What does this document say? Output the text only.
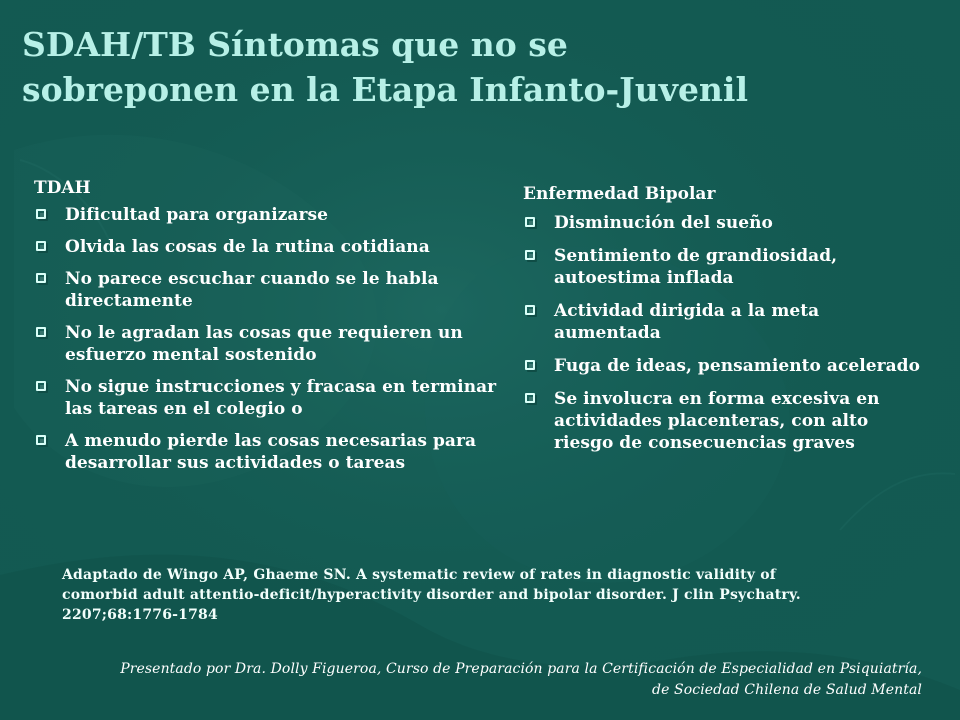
SDAH/TB Síntomas que no se
sobreponen en la Etapa Infanto-Juvenil
TDAH
Dificultad para organizarse
Olvida las cosas de la rutina cotidiana
No parece escuchar cuando se le habla directamente
No le agradan las cosas que requieren un esfuerzo mental sostenido
No sigue instrucciones y fracasa en terminar las tareas en el colegio o
A menudo pierde las cosas necesarias para desarrollar sus actividades o tareas
Enfermedad Bipolar
Disminución del sueño
Sentimiento de grandiosidad, autoestima inflada
Actividad dirigida a la meta aumentada
Fuga de ideas, pensamiento acelerado
Se involucra en forma excesiva en actividades placenteras, con alto riesgo de consecuencias graves
Adaptado de Wingo AP, Ghaeme SN. A systematic review of rates in diagnostic validity of
comorbid adult attentio-deficit/hyperactivity disorder and bipolar disorder. J clin Psychatry.
2207;68:1776-1784
Presentado por Dra. Dolly Figueroa, Curso de Preparación para la Certificación de Especialidad en Psiquiatría,
de Sociedad Chilena de Salud Mental
